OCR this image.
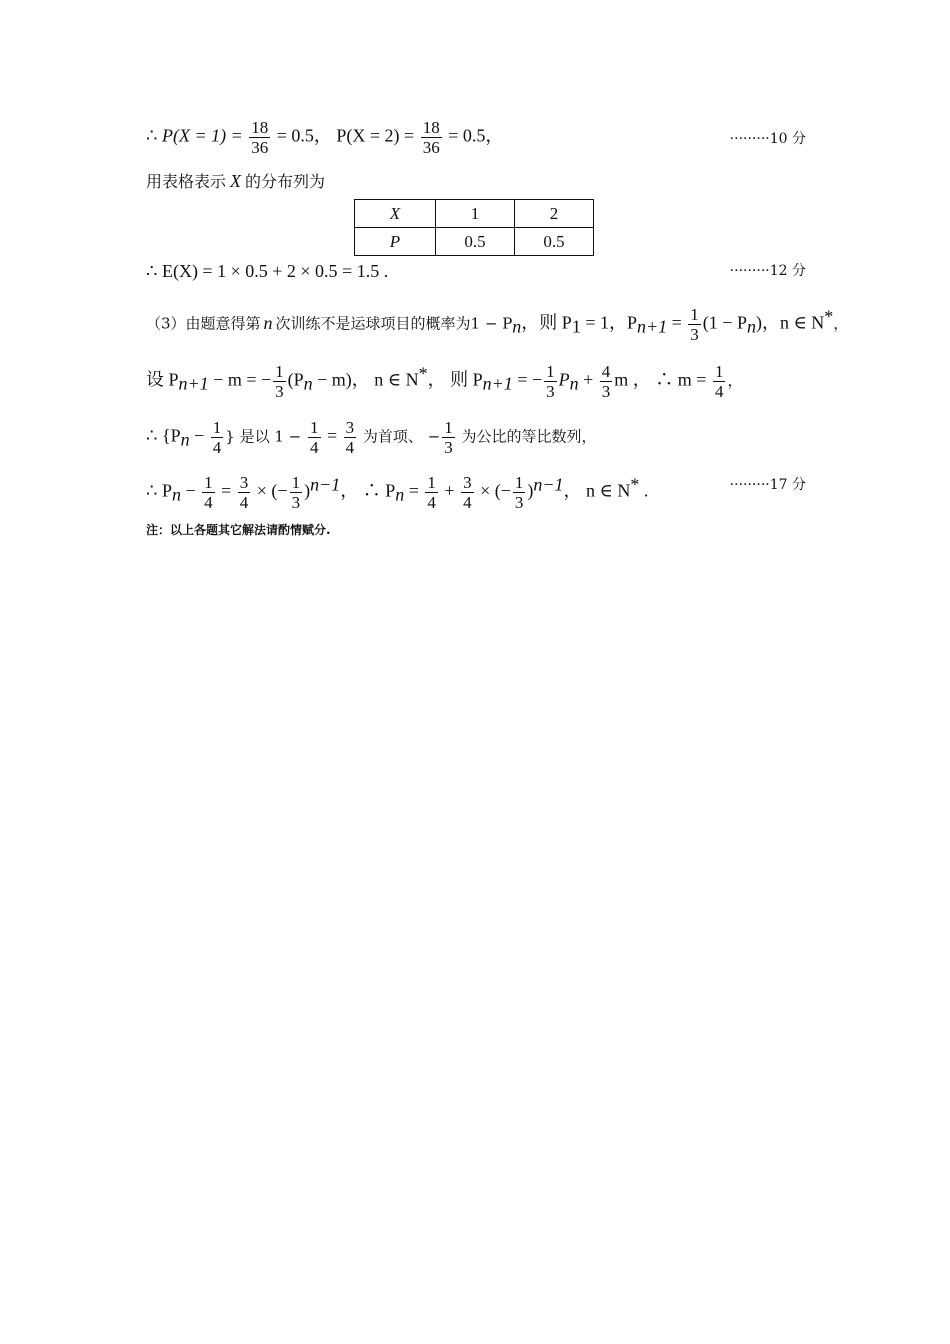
∴ $P(X = 1) = \frac{18}{36} = 0.5$， $P(X = 2) = \frac{18}{36} = 0.5$，	·········10 分
用表格表示 X 的分布列为
X	1	2
P	0.5	0.5
∴ E(X) = 1 × 0.5 + 2 × 0.5 = 1.5 .	·········12 分
（3）由题意得第 n 次训练不是运球项目的概率为$1 - P_n$，则 $P_1 = 1$，$P_{n+1} = \frac{1}{3} (1 - P_n)$，n ∈ N*，
设 $P_{n+1} - m$ = − $\frac{1}{3} (P_n - m)$， n ∈ N*， 则 $P_{n+1}$ = − $\frac{1}{3} P_n + \frac{4}{3}$ m ， ∴ $m = \frac{1}{4}$ ，
∴ {$P_n - \frac{1}{4}$ } 是以 $1 - \frac{1}{4} = \frac{3}{4}$ 为首项、 − $\frac{1}{3}$ 为公比的等比数列，
∴ $P_n - \frac{1}{4} = \frac{3}{4}$ × (− $\frac{1}{3} )^{n-1}$， ∴ $P_n = \frac{1}{4} + \frac{3}{4}$ × (− $\frac{1}{3} )^{n-1}$， n ∈ N* .	·········17 分
注：以上各题其它解法请酌情赋分.
